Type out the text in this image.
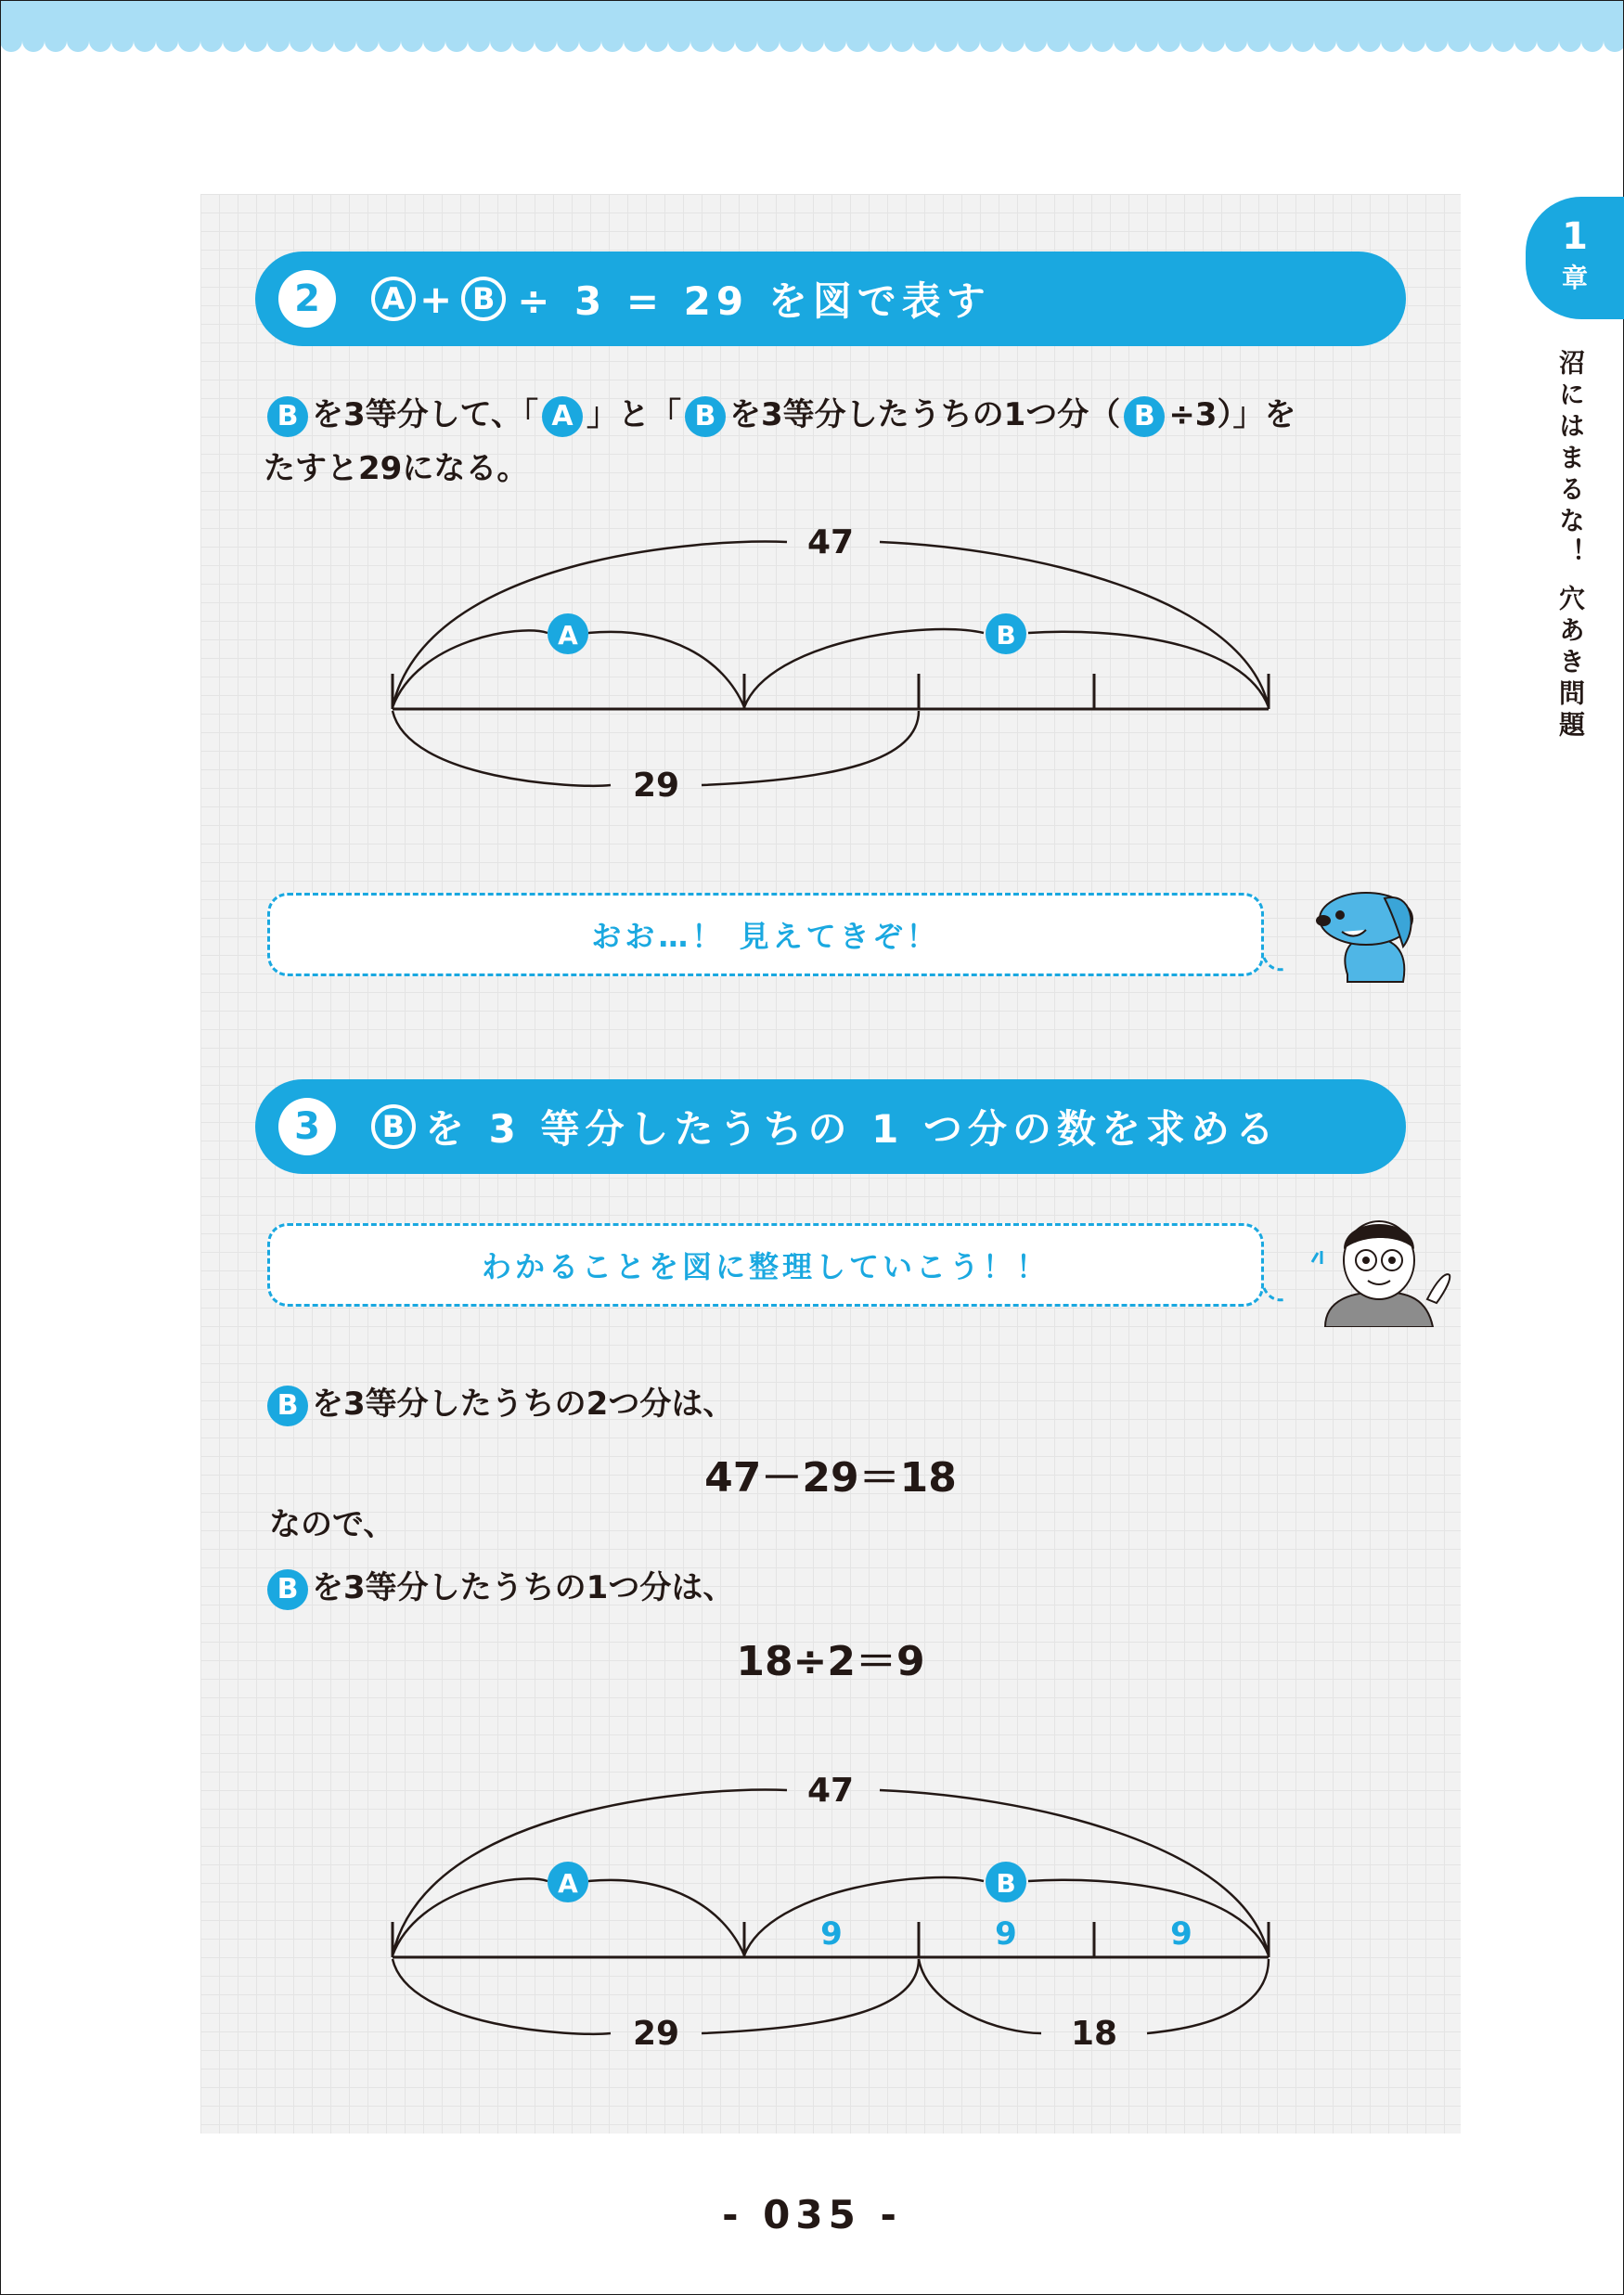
1
章
沼にはまるな！ 穴あき問題
2	A + B ÷ 3 = 29 を図で表す
B を3等分して、「 A 」と「 B を3等分したうちの1つ分（ B ÷3）」を
たすと29になる。
47
A	B
29
おお…！ 見えてきぞ！
3	B を 3 等分したうちの 1 つ分の数を求める
わかることを図に整理していこう！！
B を3等分したうちの2つ分は、
47－29＝18
なので、
B を3等分したうちの1つ分は、
18÷2＝9
47
A	B
9	9	9
29	18
- 035 -
